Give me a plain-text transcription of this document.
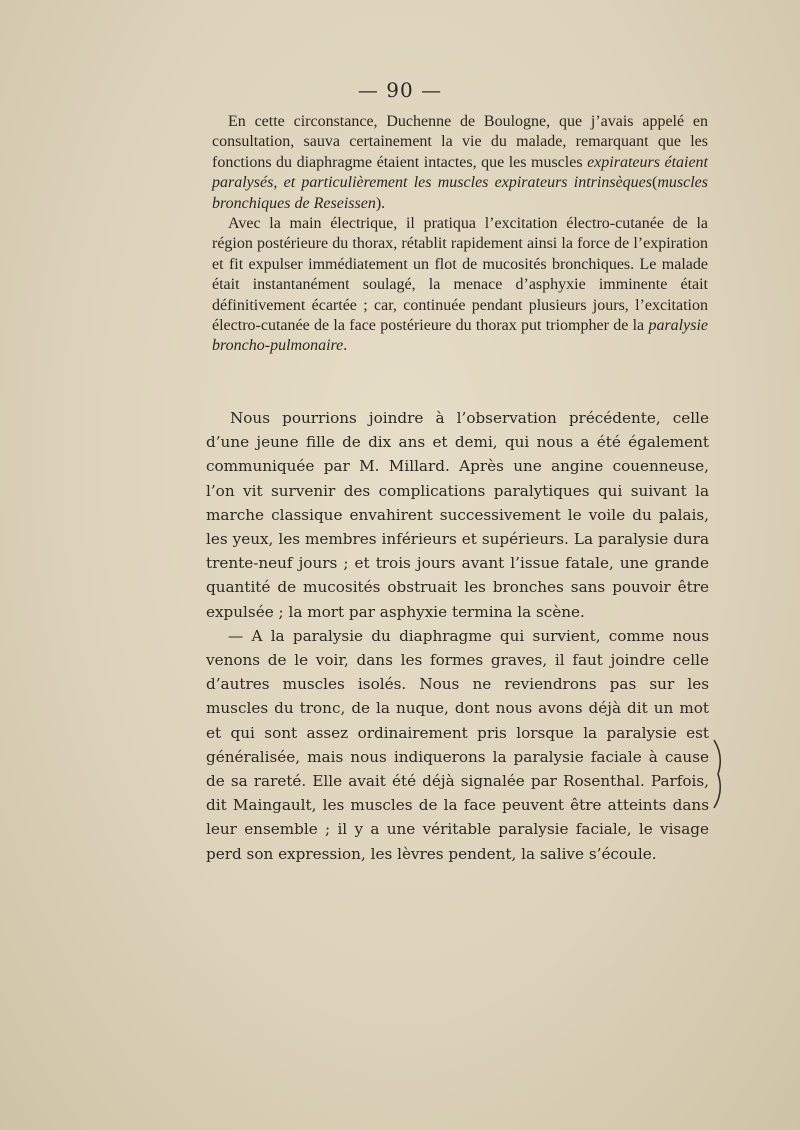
— 90 —

En cette circonstance, Duchenne de Boulogne, que j’avais appelé en consultation, sauva certainement la vie du malade, remarquant que les fonctions du diaphragme étaient intactes, que les muscles expirateurs étaient paralysés, et particulièrement les muscles expirateurs intrinsèques(muscles bronchiques de Reseissen).

Avec la main électrique, il pratiqua l’excitation électro-cutanée de la région postérieure du thorax, rétablit rapidement ainsi la force de l’expiration et fit expulser immédiatement un flot de mucosités bronchiques. Le malade était instantanément soulagé, la menace d’asphyxie imminente était définitivement écartée ; car, continuée pendant plusieurs jours, l’excitation électro-cutanée de la face postérieure du thorax put triompher de la paralysie broncho-pulmonaire.

Nous pourrions joindre à l’observation précédente, celle d’une jeune fille de dix ans et demi, qui nous a été également communiquée par M. Millard. Après une angine couenneuse, l’on vit survenir des complications paralytiques qui suivant la marche classique envahirent successivement le voile du palais, les yeux, les membres inférieurs et supérieurs. La paralysie dura trente-neuf jours ; et trois jours avant l’issue fatale, une grande quantité de mucosités obstruait les bronches sans pouvoir être expulsée ; la mort par asphyxie termina la scène.

— A la paralysie du diaphragme qui survient, comme nous venons de le voir, dans les formes graves, il faut joindre celle d’autres muscles isolés. Nous ne reviendrons pas sur les muscles du tronc, de la nuque, dont nous avons déjà dit un mot et qui sont assez ordinairement pris lorsque la paralysie est généralisée, mais nous indiquerons la paralysie faciale à cause de sa rareté. Elle avait été déjà signalée par Rosenthal. Parfois, dit Maingault, les muscles de la face peuvent être atteints dans leur ensemble ; il y a une véritable paralysie faciale, le visage perd son expression, les lèvres pendent, la salive s’écoule.
